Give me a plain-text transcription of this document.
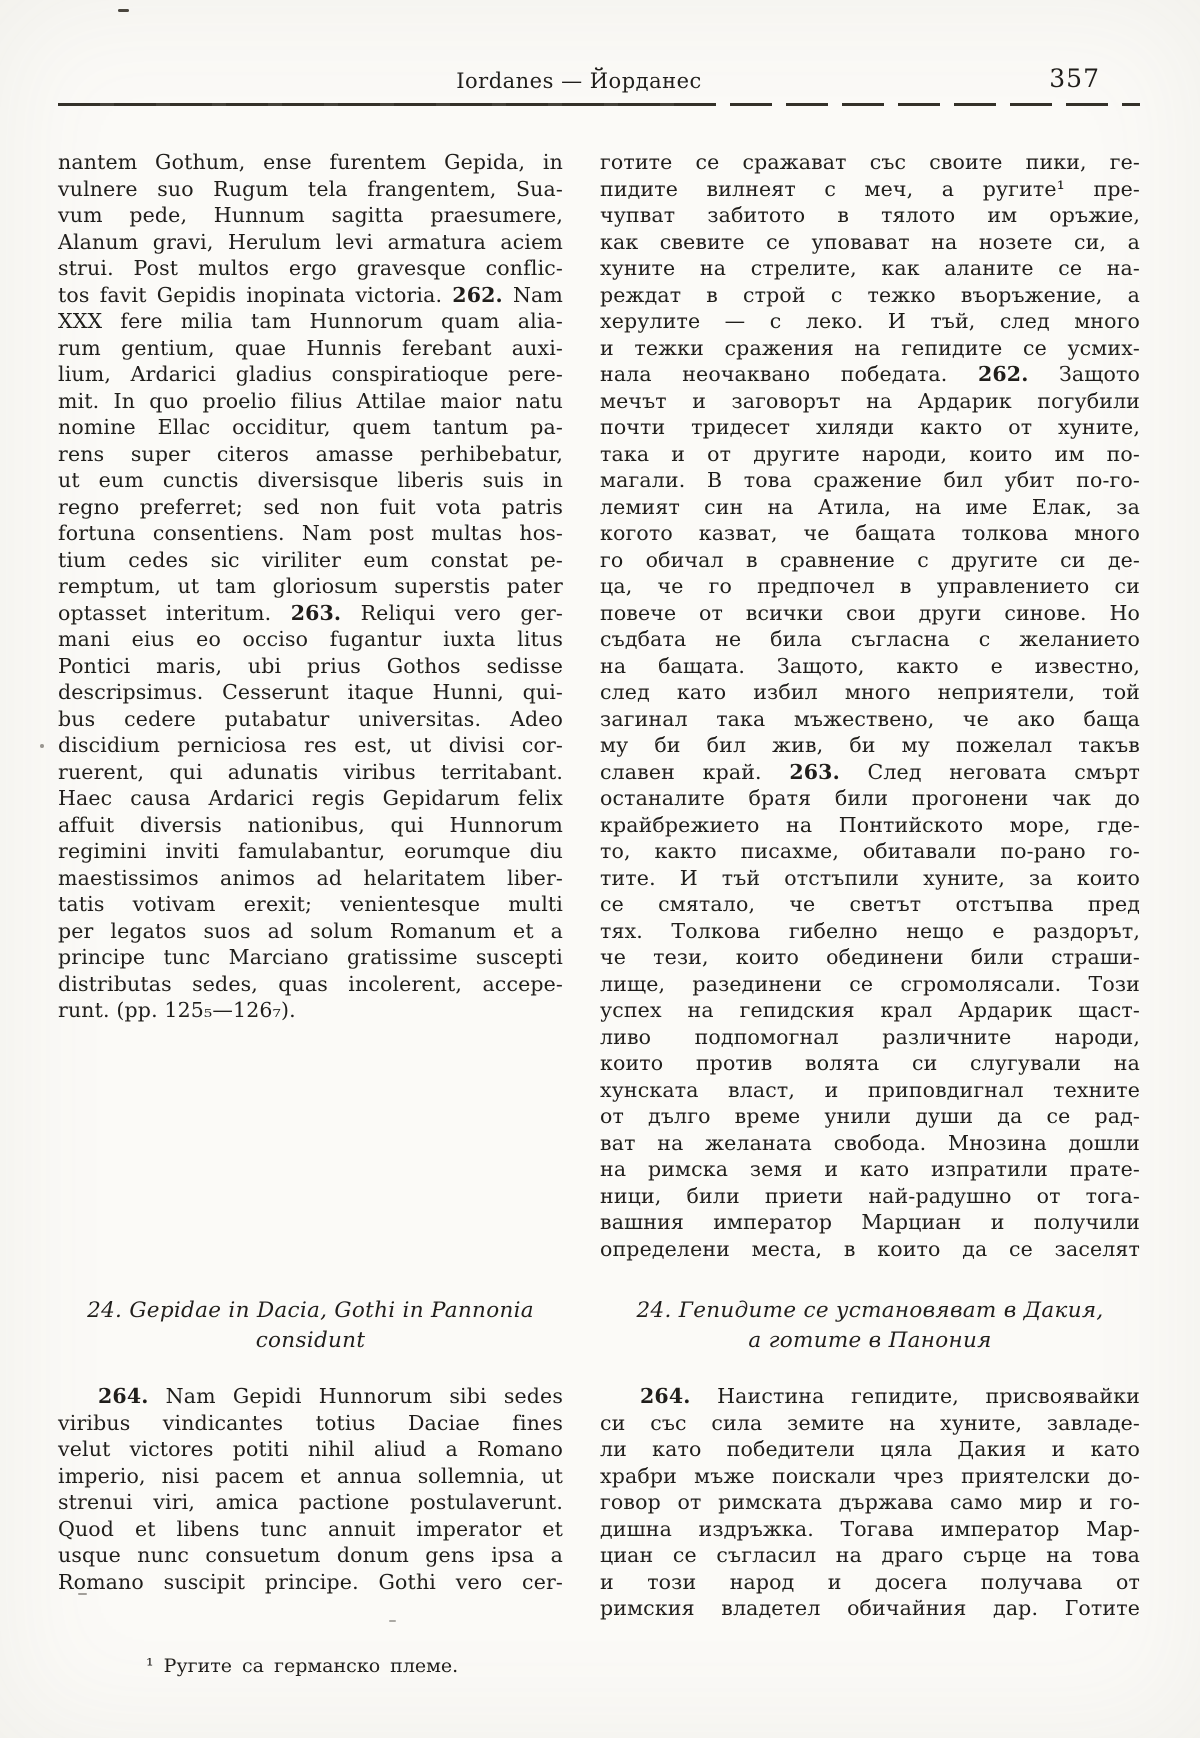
Iordanes — Йорданес	357
nantem Gothum, ense furentem Gepida, in
vulnere suo Rugum tela frangentem, Sua-
vum pede, Hunnum sagitta praesumere,
Alanum gravi, Herulum levi armatura aciem
strui. Post multos ergo gravesque conflic-
tos favit Gepidis inopinata victoria. 262. Nam
XXX fere milia tam Hunnorum quam alia-
rum gentium, quae Hunnis ferebant auxi-
lium, Ardarici gladius conspiratioque pere-
mit. In quo proelio filius Attilae maior natu
nomine Ellac occiditur, quem tantum pa-
rens super citeros amasse perhibebatur,
ut eum cunctis diversisque liberis suis in
regno preferret; sed non fuit vota patris
fortuna consentiens. Nam post multas hos-
tium cedes sic viriliter eum constat pe-
remptum, ut tam gloriosum superstis pater
optasset interitum. 263. Reliqui vero ger-
mani eius eo occiso fugantur iuxta litus
Pontici maris, ubi prius Gothos sedisse
descripsimus. Cesserunt itaque Hunni, qui-
bus cedere putabatur universitas. Adeo
discidium perniciosa res est, ut divisi cor-
ruerent, qui adunatis viribus territabant.
Haec causa Ardarici regis Gepidarum felix
affuit diversis nationibus, qui Hunnorum
regimini inviti famulabantur, eorumque diu
maestissimos animos ad helaritatem liber-
tatis votivam erexit; venientesque multi
per legatos suos ad solum Romanum et a
principe tunc Marciano gratissime suscepti
distributas sedes, quas incolerent, accepe-
runt. (pp. 125₅—126₇).
готите се сражават със своите пики, ге-
пидите вилнеят с меч, а ругите¹ пре-
чупват забитото в тялото им оръжие,
как свевите се уповават на нозете си, а
хуните на стрелите, как аланите се на-
реждат в строй с тежко въоръжение, а
херулите — с леко. И тъй, след много
и тежки сражения на гепидите се усмих-
нала неочаквано победата. 262. Защото
мечът и заговорът на Ардарик погубили
почти тридесет хиляди както от хуните,
така и от другите народи, които им по-
магали. В това сражение бил убит по-го-
лемият син на Атила, на име Елак, за
когото казват, че бащата толкова много
го обичал в сравнение с другите си де-
ца, че го предпочел в управлението си
повече от всички свои други синове. Но
съдбата не била съгласна с желанието
на бащата. Защото, както е известно,
след като избил много неприятели, той
загинал така мъжествено, че ако баща
му би бил жив, би му пожелал такъв
славен край. 263. След неговата смърт
останалите братя били прогонени чак до
крайбрежието на Понтийското море, где-
то, както писахме, обитавали по-рано го-
тите. И тъй отстъпили хуните, за които
се смятало, че светът отстъпва пред
тях. Толкова гибелно нещо е раздорът,
че тези, които обединени били страши-
лище, разединени се сгромолясали. Този
успех на гепидския крал Ардарик щаст-
ливо подпомогнал различните народи,
които против волята си слугували на
хунската власт, и приповдигнал техните
от дълго време унили души да се рад-
ват на желаната свобода. Мнозина дошли
на римска земя и като изпратили прате-
ници, били приети най-радушно от тога-
вашния император Марциан и получили
определени места, в които да се заселят
24. Gepidae in Dacia, Gothi in Pannonia
considunt
264. Nam Gepidi Hunnorum sibi sedes
viribus vindicantes totius Daciae fines
velut victores potiti nihil aliud a Romano
imperio, nisi pacem et annua sollemnia, ut
strenui viri, amica pactione postulaverunt.
Quod et libens tunc annuit imperator et
usque nunc consuetum donum gens ipsa a
Romano suscipit principe. Gothi vero cer-
24. Гепидите се установяват в Дакия,
а готите в Панония
264. Наистина гепидите, присвоявайки
си със сила земите на хуните, завладе-
ли като победители цяла Дакия и като
храбри мъже поискали чрез приятелски до-
говор от римската държава само мир и го-
дишна издръжка. Тогава император Мар-
циан се съгласил на драго сърце на това
и този народ и досега получава от
римския владетел обичайния дар. Готите
¹ Ругите са германско племе.
